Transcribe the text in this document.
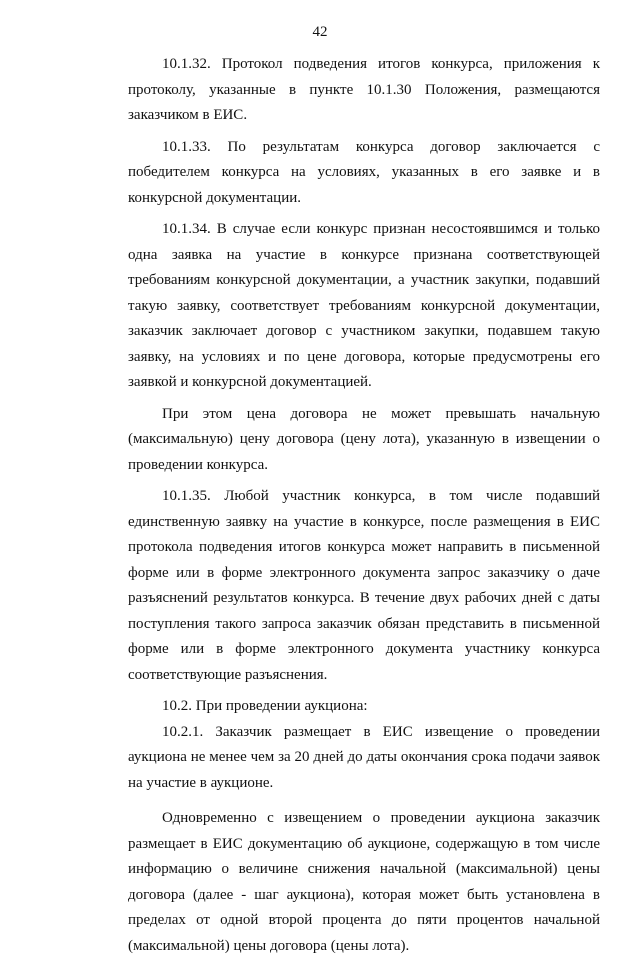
42

10.1.32. Протокол подведения итогов конкурса, приложения к протоколу, указанные в пункте 10.1.30 Положения, размещаются заказчиком в ЕИС.

10.1.33. По результатам конкурса договор заключается с победителем конкурса на условиях, указанных в его заявке и в конкурсной документации.

10.1.34. В случае если конкурс признан несостоявшимся и только одна заявка на участие в конкурсе признана соответствующей требованиям конкурсной документации, а участник закупки, подавший такую заявку, соответствует требованиям конкурсной документации, заказчик заключает договор с участником закупки, подавшем такую заявку, на условиях и по цене договора, которые предусмотрены его заявкой и конкурсной документацией.

При этом цена договора не может превышать начальную (максимальную) цену договора (цену лота), указанную в извещении о проведении конкурса.

10.1.35. Любой участник конкурса, в том числе подавший единственную заявку на участие в конкурсе, после размещения в ЕИС протокола подведения итогов конкурса может направить в письменной форме или в форме электронного документа запрос заказчику о даче разъяснений результатов конкурса. В течение двух рабочих дней с даты поступления такого запроса заказчик обязан представить в письменной форме или в форме электронного документа участнику конкурса соответствующие разъяснения.

10.2. При проведении аукциона:

10.2.1. Заказчик размещает в ЕИС извещение о проведении аукциона не менее чем за 20 дней до даты окончания срока подачи заявок на участие в аукционе.

Одновременно с извещением о проведении аукциона заказчик размещает в ЕИС документацию об аукционе, содержащую в том числе информацию о величине снижения начальной (максимальной) цены договора (далее - шаг аукциона), которая может быть установлена в пределах от одной второй процента до пяти процентов начальной (максимальной) цены договора (цены лота).
